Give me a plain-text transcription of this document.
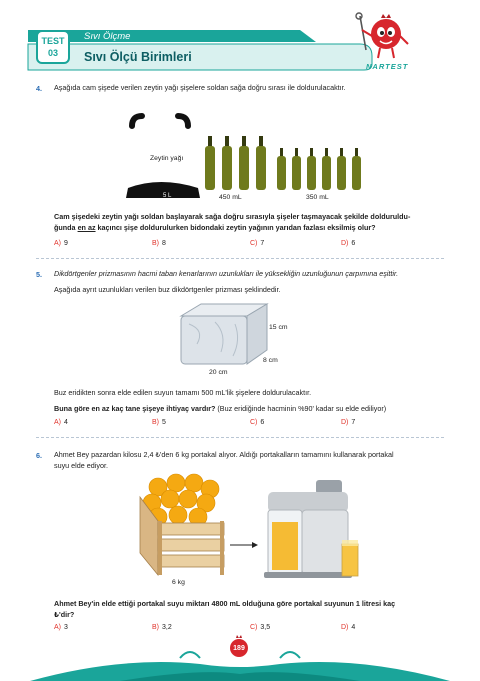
TEST
03
Sıvı Ölçme
Sıvı Ölçü Birimleri
NARTEST
4. Aşağıda cam şişede verilen zeytin yağı şişelere soldan sağa doğru sırası ile doldurulacaktır.
Zeytin yağı
5 L	450 mL	350 mL
Cam şişedeki zeytin yağı soldan başlayarak sağa doğru sırasıyla şişeler taşmayacak şekilde dolduruldu-
ğunda en az kaçıncı şişe doldurulurken bidondaki zeytin yağının yarıdan fazlası eksilmiş olur?
A) 9	B) 8	C) 7	D) 6
5. Dikdörtgenler prizmasının hacmi taban kenarlarının uzunlukları ile yüksekliğin uzunluğunun çarpımına eşittir.
Aşağıda ayrıt uzunlukları verilen buz dikdörtgenler prizması şeklindedir.
15 cm
8 cm
20 cm
Buz eridikten sonra elde edilen suyun tamamı 500 mL'lik şişelere doldurulacaktır.
Buna göre en az kaç tane şişeye ihtiyaç vardır? (Buz eridiğinde hacminin %90' kadar su elde ediliyor)
A) 4	B) 5	C) 6	D) 7
6. Ahmet Bey pazardan kilosu 2,4 ₺'den 6 kg portakal alıyor. Aldığı portakalların tamamını kullanarak portakal
suyu elde ediyor.
6 kg
Ahmet Bey'in elde ettiği portakal suyu miktarı 4800 mL olduğuna göre portakal suyunun 1 litresi kaç
₺'dir?
A) 3	B) 3,2	C) 3,5	D) 4
189
